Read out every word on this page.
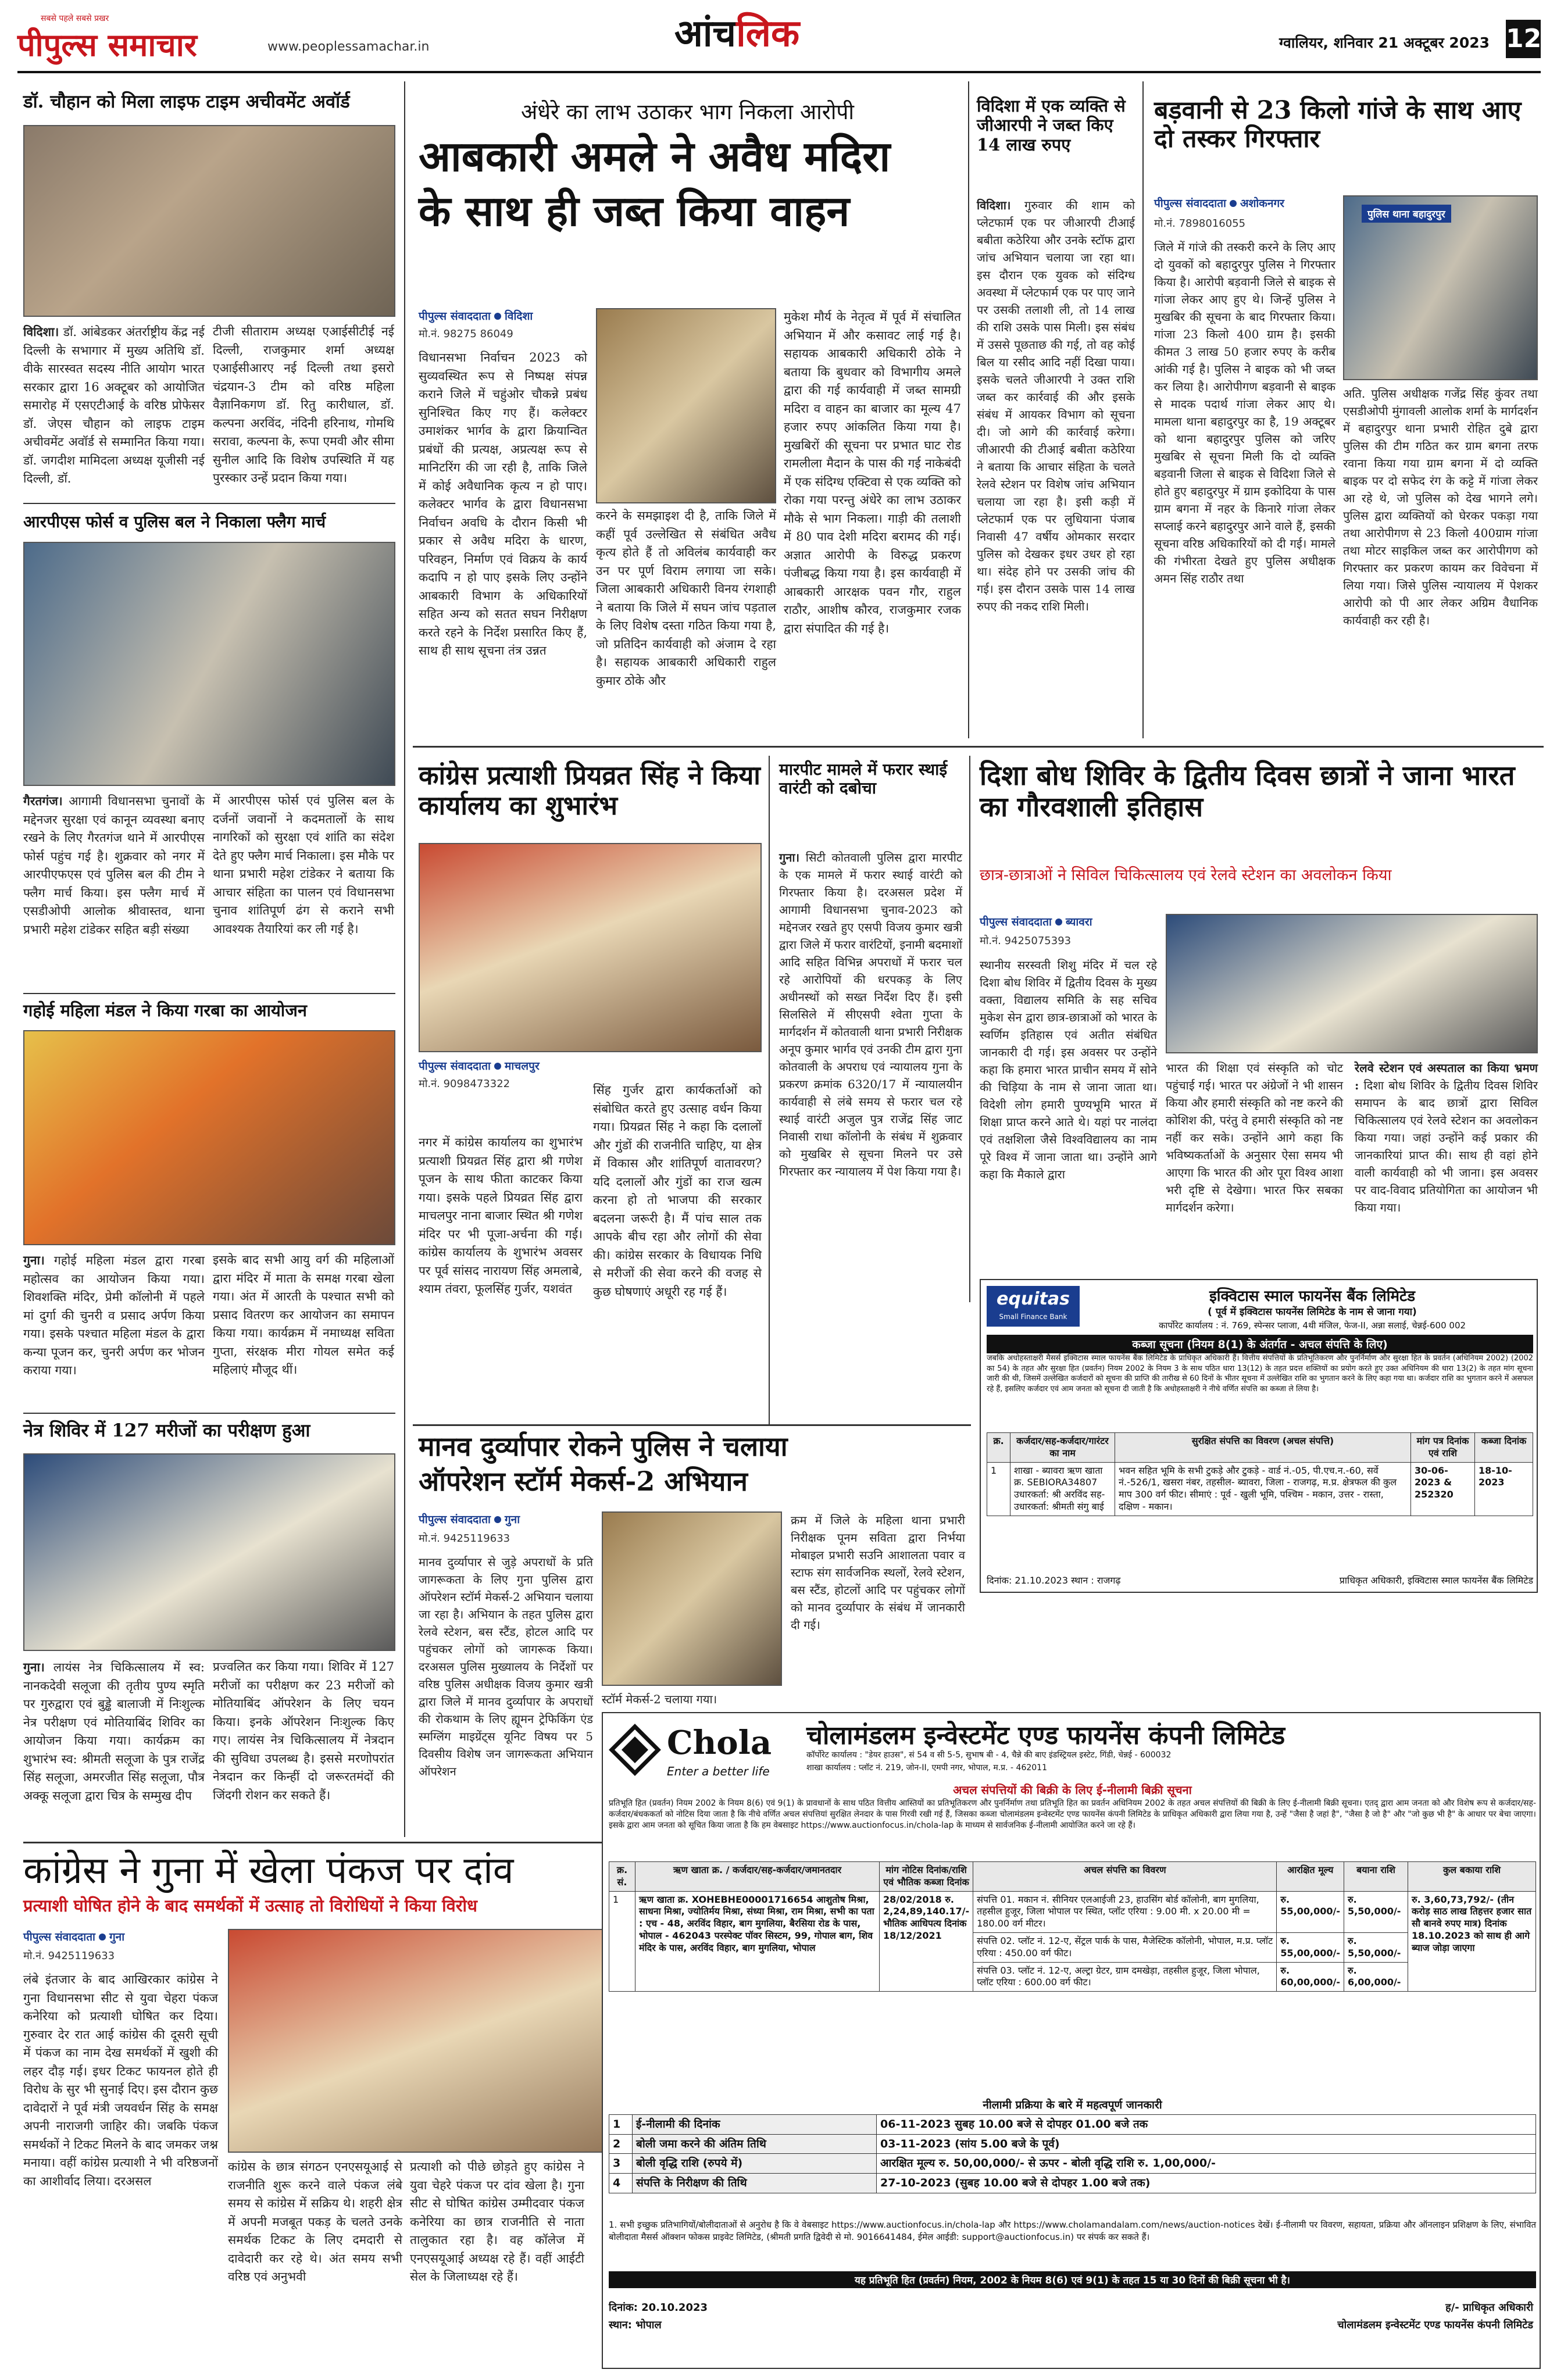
सबसे पहले सबसे प्रखर
पीपुल्स समाचार	www.peoplessamachar.in	आंचलिक	ग्वालियर, शनिवार 21 अक्टूबर 2023 12
डॉ. चौहान को मिला लाइफ टाइम अचीवमेंट अवॉर्ड
विदिशा। डॉ. आंबेडकर अंतर्राष्ट्रीय केंद्र नई दिल्ली के सभागार में मुख्य अतिथि डॉ. वीके सारस्वत सदस्य नीति आयोग भारत सरकार द्वारा 16 अक्टूबर को आयोजित समारोह में एसएटीआई के वरिष्ठ प्रोफेसर डॉ. जेएस चौहान को लाइफ टाइम अचीवमेंट अवॉर्ड से सम्मानित किया गया। डॉ. जगदीश मामिदला अध्यक्ष यूजीसी नई दिल्ली, डॉ.
टीजी सीताराम अध्यक्ष एआईसीटीई नई दिल्ली, राजकुमार शर्मा अध्यक्ष एआईसीआरए नई दिल्ली तथा इसरो चंद्रयान-3 टीम को वरिष्ठ महिला वैज्ञानिकगण डॉ. रितु कारीधाल, डॉ. कल्पना अरविंद, नंदिनी हरिनाथ, गोमथि सरावा, कल्पना के, रूपा एमवी और सीमा सुनील आदि कि विशेष उपस्थिति में यह पुरस्कार उन्हें प्रदान किया गया।
आरपीएस फोर्स व पुलिस बल ने निकाला फ्लैग मार्च
गैरतगंज। आगामी विधानसभा चुनावों के मद्देनजर सुरक्षा एवं कानून व्यवस्था बनाए रखने के लिए गैरतगंज थाने में आरपीएस फोर्स पहुंच गई है। शुक्रवार को नगर में आरपीएफएस एवं पुलिस बल की टीम ने फ्लैग मार्च किया। इस फ्लैग मार्च में एसडीओपी आलोक श्रीवास्तव, थाना प्रभारी महेश टांडेकर सहित बड़ी संख्या
में आरपीएस फोर्स एवं पुलिस बल के दर्जनों जवानों ने कदमतालों के साथ नागरिकों को सुरक्षा एवं शांति का संदेश देते हुए फ्लैग मार्च निकाला। इस मौके पर थाना प्रभारी महेश टांडेकर ने बताया कि आचार संहिता का पालन एवं विधानसभा चुनाव शांतिपूर्ण ढंग से कराने सभी आवश्यक तैयारियां कर ली गई है।
गहोई महिला मंडल ने किया गरबा का आयोजन
गुना। गहोई महिला मंडल द्वारा गरबा महोत्सव का आयोजन किया गया। शिवशक्ति मंदिर, प्रेमी कॉलोनी में पहले मां दुर्गा की चुनरी व प्रसाद अर्पण किया गया। इसके पश्चात महिला मंडल के द्वारा कन्या पूजन कर, चुनरी अर्पण कर भोजन कराया गया।
इसके बाद सभी आयु वर्ग की महिलाओं द्वारा मंदिर में माता के समक्ष गरबा खेला गया। अंत में आरती के पश्चात सभी को प्रसाद वितरण कर आयोजन का समापन किया गया। कार्यक्रम में नमाध्यक्ष सविता गुप्ता, संरक्षक मीरा गोयल समेत कई महिलाएं मौजूद थीं।
नेत्र शिविर में 127 मरीजों का परीक्षण हुआ
गुना। लायंस नेत्र चिकित्सालय में स्व: नानकदेवी सलूजा की तृतीय पुण्य स्मृति पर गुरुद्वारा एवं बुड्ढे बालाजी में निःशुल्क नेत्र परीक्षण एवं मोतियाबिंद शिविर का आयोजन किया गया। कार्यक्रम का शुभारंभ स्व: श्रीमती सलूजा के पुत्र राजेंद्र सिंह सलूजा, अमरजीत सिंह सलूजा, पौत्र अक्कू सलूजा द्वारा चित्र के सम्मुख दीप
प्रज्वलित कर किया गया। शिविर में 127 मरीजों का परीक्षण कर 23 मरीजों को मोतियाबिंद ऑपरेशन के लिए चयन किया। इनके ऑपरेशन निःशुल्क किए गए। लायंस नेत्र चिकित्सालय में नेत्रदान की सुविधा उपलब्ध है। इससे मरणोपरांत नेत्रदान कर किन्हीं दो जरूरतमंदों की जिंदगी रोशन कर सकते हैं।
कांग्रेस ने गुना में खेला पंकज पर दांव
प्रत्याशी घोषित होने के बाद समर्थकों में उत्साह तो विरोधियों ने किया विरोध
पीपुल्स संवाददाता गुना
मो.नं. 9425119633
लंबे इंतजार के बाद आखिरकार कांग्रेस ने गुना विधानसभा सीट से युवा चेहरा पंकज कनेरिया को प्रत्याशी घोषित कर दिया। गुरुवार देर रात आई कांग्रेस की दूसरी सूची में पंकज का नाम देख समर्थकों में खुशी की लहर दौड़ गई। इधर टिकट फायनल होते ही विरोध के सुर भी सुनाई दिए। इस दौरान कुछ दावेदारों ने पूर्व मंत्री जयवर्धन सिंह के समक्ष अपनी नाराजगी जाहिर की। जबकि पंकज समर्थकों ने टिकट मिलने के बाद जमकर जश्न मनाया। वहीं कांग्रेस प्रत्याशी ने भी वरिष्ठजनों का आशीर्वाद लिया। दरअसल
कांग्रेस के छात्र संगठन एनएसयूआई से राजनीति शुरू करने वाले पंकज लंबे समय से कांग्रेस में सक्रिय थे। शहरी क्षेत्र में अपनी मजबूत पकड़ के चलते उनके समर्थक टिकट के लिए दमदारी से दावेदारी कर रहे थे। अंत समय सभी वरिष्ठ एवं अनुभवी
प्रत्याशी को पीछे छोड़ते हुए कांग्रेस ने युवा चेहरे पंकज पर दांव खेला है। गुना सीट से घोषित कांग्रेस उम्मीदवार पंकज कनेरिया का छात्र राजनीति से नाता तालुकात रहा है। वह कॉलेज में एनएसयूआई अध्यक्ष रहे हैं। वहीं आईटी सेल के जिलाध्यक्ष रहे हैं।
अंधेरे का लाभ उठाकर भाग निकला आरोपी
आबकारी अमले ने अवैध मदिरा
के साथ ही जब्त किया वाहन
पीपुल्स संवाददाता विदिशा
मो.नं. 98275 86049
विधानसभा निर्वाचन 2023 को सुव्यवस्थित रूप से निष्पक्ष संपन्न कराने जिले में चहुंओर चौकन्ने प्रबंध सुनिश्चित किए गए हैं। कलेक्टर उमाशंकर भार्गव के द्वारा क्रियान्वित प्रबंधों की प्रत्यक्ष, अप्रत्यक्ष रूप से मानिटरिंग की जा रही है, ताकि जिले में कोई अवैधानिक कृत्य न हो पाए। कलेक्टर भार्गव के द्वारा विधानसभा निर्वाचन अवधि के दौरान किसी भी प्रकार से अवैध मदिरा के धारण, परिवहन, निर्माण एवं विक्रय के कार्य कदापि न हो पाए इसके लिए उन्होंने आबकारी विभाग के अधिकारियों सहित अन्य को सतत सघन निरीक्षण करते रहने के निर्देश प्रसारित किए हैं, साथ ही साथ सूचना तंत्र उन्नत
करने के समझाइश दी है, ताकि जिले में कहीं पूर्व उल्लेखित से संबंधित अवैध कृत्य होते हैं तो अविलंब कार्यवाही कर उन पर पूर्ण विराम लगाया जा सके। जिला आबकारी अधिकारी विनय रंगशाही ने बताया कि जिले में सघन जांच पड़ताल के लिए विशेष दस्ता गठित किया गया है, जो प्रतिदिन कार्यवाही को अंजाम दे रहा है। सहायक आबकारी अधिकारी राहुल कुमार ठोके और
मुकेश मौर्य के नेतृत्व में पूर्व में संचालित अभियान में और कसावट लाई गई है। सहायक आबकारी अधिकारी ठोके ने बताया कि बुधवार को विभागीय अमले द्वारा की गई कार्यवाही में जब्त सामग्री मदिरा व वाहन का बाजार का मूल्य 47 हजार रुपए आंकलित किया गया है। मुखबिरों की सूचना पर प्रभात घाट रोड रामलीला मैदान के पास की गई नाकेबंदी में एक संदिग्ध एक्टिवा से एक व्यक्ति को रोका गया परन्तु अंधेरे का लाभ उठाकर मौके से भाग निकला। गाड़ी की तलाशी में 80 पाव देशी मदिरा बरामद की गई। अज्ञात आरोपी के विरुद्ध प्रकरण पंजीबद्ध किया गया है। इस कार्यवाही में आबकारी आरक्षक पवन गौर, राहुल राठौर, आशीष कौरव, राजकुमार रजक द्वारा संपादित की गई है।
विदिशा में एक व्यक्ति से जीआरपी ने जब्त किए 14 लाख रुपए
विदिशा। गुरुवार की शाम को प्लेटफार्म एक पर जीआरपी टीआई बबीता कठेरिया और उनके स्टॉफ द्वारा जांच अभियान चलाया जा रहा था। इस दौरान एक युवक को संदिग्ध अवस्था में प्लेटफार्म एक पर पाए जाने पर उसकी तलाशी ली, तो 14 लाख की राशि उसके पास मिली। इस संबंध में उससे पूछताछ की गई, तो वह कोई बिल या रसीद आदि नहीं दिखा पाया। इसके चलते जीआरपी ने उक्त राशि जब्त कर कार्रवाई की और इसके संबंध में आयकर विभाग को सूचना दी। जो आगे की कार्रवाई करेगा। जीआरपी की टीआई बबीता कठेरिया ने बताया कि आचार संहिता के चलते रेलवे स्टेशन पर विशेष जांच अभियान चलाया जा रहा है। इसी कड़ी में प्लेटफार्म एक पर लुधियाना पंजाब निवासी 47 वर्षीय ओमकार सरदार पुलिस को देखकर इधर उधर हो रहा था। संदेह होने पर उसकी जांच की गई। इस दौरान उसके पास 14 लाख रुपए की नकद राशि मिली।
बड़वानी से 23 किलो गांजे के साथ आए दो तस्कर गिरफ्तार
पीपुल्स संवाददाता अशोकनगर
मो.नं. 7898016055
पुलिस थाना बहादुरपुर
जिले में गांजे की तस्करी करने के लिए आए दो युवकों को बहादुरपुर पुलिस ने गिरफ्तार किया है। आरोपी बड़वानी जिले से बाइक से गांजा लेकर आए हुए थे। जिन्हें पुलिस ने मुखबिर की सूचना के बाद गिरफ्तार किया। गांजा 23 किलो 400 ग्राम है। इसकी कीमत 3 लाख 50 हजार रुपए के करीब आंकी गई है। पुलिस ने बाइक को भी जब्त कर लिया है। आरोपीगण बड़वानी से बाइक से मादक पदार्थ गांजा लेकर आए थे। मामला थाना बहादुरपुर का है, 19 अक्टूबर को थाना बहादुरपुर पुलिस को जरिए मुखबिर से सूचना मिली कि दो व्यक्ति बड़वानी जिला से बाइक से विदिशा जिले से होते हुए बहादुरपुर में ग्राम इकोदिया के पास ग्राम बगना में नहर के किनारे गांजा लेकर सप्लाई करने बहादुरपुर आने वाले हैं, इसकी सूचना वरिष्ठ अधिकारियों को दी गई। मामले की गंभीरता देखते हुए पुलिस अधीक्षक अमन सिंह राठौर तथा
अति. पुलिस अधीक्षक गजेंद्र सिंह कुंवर तथा एसडीओपी मुंगावली आलोक शर्मा के मार्गदर्शन में बहादुरपुर थाना प्रभारी रोहित दुबे द्वारा पुलिस की टीम गठित कर ग्राम बगना तरफ रवाना किया गया ग्राम बगना में दो व्यक्ति बाइक पर दो सफेद रंग के कट्टे में गांजा लेकर आ रहे थे, जो पुलिस को देख भागने लगे। पुलिस द्वारा व्यक्तियों को घेरकर पकड़ा गया तथा आरोपीगण से 23 किलो 400ग्राम गांजा तथा मोटर साइकिल जब्त कर आरोपीगण को गिरफ्तार कर प्रकरण कायम कर विवेचना में लिया गया। जिसे पुलिस न्यायालय में पेशकर आरोपी को पी आर लेकर अग्रिम वैधानिक कार्यवाही कर रही है।
कांग्रेस प्रत्याशी प्रियव्रत सिंह ने किया कार्यालय का शुभारंभ
पीपुल्स संवाददाता माचलपुर
मो.नं. 9098473322
नगर में कांग्रेस कार्यालय का शुभारंभ प्रत्याशी प्रियव्रत सिंह द्वारा श्री गणेश पूजन के साथ फीता काटकर किया गया। इसके पहले प्रियव्रत सिंह द्वारा माचलपुर नाना बाजार स्थित श्री गणेश मंदिर पर भी पूजा-अर्चना की गई। कांग्रेस कार्यालय के शुभारंभ अवसर पर पूर्व सांसद नारायण सिंह अमलाबे, श्याम तंवरा, फूलसिंह गुर्जर, यशवंत
सिंह गुर्जर द्वारा कार्यकर्ताओं को संबोधित करते हुए उत्साह वर्धन किया गया। प्रियव्रत सिंह ने कहा कि दलालों और गुंडों की राजनीति चाहिए, या क्षेत्र में विकास और शांतिपूर्ण वातावरण? यदि दलालों और गुंडों का राज खत्म करना हो तो भाजपा की सरकार बदलना जरूरी है। मैं पांच साल तक आपके बीच रहा और लोगों की सेवा की। कांग्रेस सरकार के विधायक निधि से मरीजों की सेवा करने की वजह से कुछ घोषणाएं अधूरी रह गई हैं।
मारपीट मामले में फरार स्थाई वारंटी को दबोचा
गुना। सिटी कोतवाली पुलिस द्वारा मारपीट के एक मामले में फरार स्थाई वारंटी को गिरफ्तार किया है। दरअसल प्रदेश में आगामी विधानसभा चुनाव-2023 को मद्देनजर रखते हुए एसपी विजय कुमार खत्री द्वारा जिले में फरार वारंटियों, इनामी बदमाशों आदि सहित विभिन्न अपराधों में फरार चल रहे आरोपियों की धरपकड़ के लिए अधीनस्थों को सख्त निर्देश दिए हैं। इसी सिलसिले में सीएसपी श्वेता गुप्ता के मार्गदर्शन में कोतवाली थाना प्रभारी निरीक्षक अनूप कुमार भार्गव एवं उनकी टीम द्वारा गुना कोतवाली के अपराध एवं न्यायालय गुना के प्रकरण क्रमांक 6320/17 में न्यायालयीन कार्यवाही से लंबे समय से फरार चल रहे स्थाई वारंटी अजुल पुत्र राजेंद्र सिंह जाट निवासी राधा कॉलोनी के संबंध में शुक्रवार को मुखबिर से सूचना मिलने पर उसे गिरफ्तार कर न्यायालय में पेश किया गया है।
दिशा बोध शिविर के द्वितीय दिवस छात्रों ने जाना भारत का गौरवशाली इतिहास
छात्र-छात्राओं ने सिविल चिकित्सालय एवं रेलवे स्टेशन का अवलोकन किया
पीपुल्स संवाददाता ब्यावरा
मो.नं. 9425075393
स्थानीय सरस्वती शिशु मंदिर में चल रहे दिशा बोध शिविर में द्वितीय दिवस के मुख्य वक्ता, विद्यालय समिति के सह सचिव मुकेश सेन द्वारा छात्र-छात्राओं को भारत के स्वर्णिम इतिहास एवं अतीत संबंधित जानकारी दी गई। इस अवसर पर उन्होंने कहा कि हमारा भारत प्राचीन समय में सोने की चिड़िया के नाम से जाना जाता था। विदेशी लोग हमारी पुण्यभूमि भारत में शिक्षा प्राप्त करने आते थे। यहां पर नालंदा एवं तक्षशिला जैसे विश्वविद्यालय का नाम पूरे विश्व में जाना जाता था। उन्होंने आगे कहा कि मैकाले द्वारा
भारत की शिक्षा एवं संस्कृति को चोट पहुंचाई गई। भारत पर अंग्रेजों ने भी शासन किया और हमारी संस्कृति को नष्ट करने की कोशिश की, परंतु वे हमारी संस्कृति को नष्ट नहीं कर सके। उन्होंने आगे कहा कि भविष्यकर्ताओं के अनुसार ऐसा समय भी आएगा कि भारत की ओर पूरा विश्व आशा भरी दृष्टि से देखेगा। भारत फिर सबका मार्गदर्शन करेगा।
रेलवे स्टेशन एवं अस्पताल का किया भ्रमण : दिशा बोध शिविर के द्वितीय दिवस शिविर समापन के बाद छात्रों द्वारा सिविल चिकित्सालय एवं रेलवे स्टेशन का अवलोकन किया गया। जहां उन्होंने कई प्रकार की जानकारियां प्राप्त की। साथ ही वहां होने वाली कार्यवाही को भी जाना। इस अवसर पर वाद-विवाद प्रतियोगिता का आयोजन भी किया गया।
equitas
Small Finance Bank
इक्विटास स्माल फायनेंस बैंक लिमिटेड
( पूर्व में इक्विटास फायनेंस लिमिटेड के नाम से जाना गया)
कार्पोरेट कार्यालय : नं. 769, स्पेन्सर प्लाजा, 4थी मंजिल, फेज-II, अन्ना सलाई, चेन्नई-600 002
कब्जा सूचना (नियम 8(1) के अंतर्गत - अचल संपत्ति के लिए)
जबकि अधोहस्ताक्षरी मैसर्स इक्विटास स्माल फायनेंस बैंक लिमिटेड के प्राधिकृत अधिकारी हैं। वित्तीय संपत्तियों के प्रतिभूतिकरण और पुनर्निर्माण और सुरक्षा हित के प्रवर्तन (अधिनियम 2002) (2002 का 54) के तहत और सुरक्षा हित (प्रवर्तन) नियम 2002 के नियम 3 के साथ पठित धारा 13(12) के तहत प्रदत्त शक्तियों का प्रयोग करते हुए उक्त अधिनियम की धारा 13(2) के तहत मांग सूचना जारी की थी, जिसमें उल्लेखित कर्जदारों को सूचना की प्राप्ति की तारीख से 60 दिनों के भीतर सूचना में उल्लेखित राशि का भुगतान करने के लिए कहा गया था। कर्जदार राशि का भुगतान करने में असफल रहे हैं, इसलिए कर्जदार एवं आम जनता को सूचना दी जाती है कि अधोहस्ताक्षरी ने नीचे वर्णित संपत्ति का कब्जा ले लिया है।
क्र.	कर्जदार/सह-कर्जदार/गारंटर का नाम	सुरक्षित संपत्ति का विवरण (अचल संपत्ति)	मांग पत्र दिनांक एवं राशि	कब्जा दिनांक
1	शाखा - ब्यावरा ऋण खाता क्र. SEBIORA34807 उधारकर्ता: श्री अरविंद सह-उधारकर्ता: श्रीमती संगु बाई	भवन सहित भूमि के सभी टुकड़े और टुकड़े - वार्ड नं.-05, पी.एच.न.-60, सर्वे नं.-526/1, खसरा नंबर, तहसील- ब्यावरा, जिला - राजगढ़, म.प्र. क्षेत्रफल की कुल माप 300 वर्ग फीट। सीमाएं : पूर्व - खुली भूमि, पश्चिम - मकान, उत्तर - रास्ता, दक्षिण - मकान।	30-06-2023 & 252320	18-10-2023
दिनांक: 21.10.2023 स्थान : राजगढ़	प्राधिकृत अधिकारी, इक्विटास स्माल फायनेंस बैंक लिमिटेड
मानव दुर्व्यापार रोकने पुलिस ने चलाया
ऑपरेशन स्टॉर्म मेकर्स-2 अभियान
पीपुल्स संवाददाता गुना
मो.नं. 9425119633
मानव दुर्व्यापार से जुड़े अपराधों के प्रति जागरूकता के लिए गुना पुलिस द्वारा ऑपरेशन स्टॉर्म मेकर्स-2 अभियान चलाया जा रहा है। अभियान के तहत पुलिस द्वारा रेलवे स्टेशन, बस स्टैंड, होटल आदि पर पहुंचकर लोगों को जागरूक किया। दरअसल पुलिस मुख्यालय के निर्देशों पर वरिष्ठ पुलिस अधीक्षक विजय कुमार खत्री द्वारा जिले में मानव दुर्व्यापार के अपराधों की रोकथाम के लिए ह्यूमन ट्रेफिकिंग एंड स्मग्लिंग माइग्रेंट्स यूनिट विषय पर 5 दिवसीय विशेष जन जागरूकता अभियान ऑपरेशन
स्टॉर्म मेकर्स-2 चलाया गया।
क्रम में जिले के महिला थाना प्रभारी निरीक्षक पूनम सविता द्वारा निर्भया मोबाइल प्रभारी सउनि आशालता पवार व स्टाफ संग सार्वजनिक स्थलों, रेलवे स्टेशन, बस स्टैंड, होटलों आदि पर पहुंचकर लोगों को मानव दुर्व्यापार के संबंध में जानकारी दी गई।
Chola
Enter a better life
चोलामंडलम इन्वेस्टमेंट एण्ड फायनेंस कंपनी लिमिटेड
कॉर्पोरेट कार्यालय : "डेयर हाउस", सं 54 व सी 5-5, सुभाष बी - 4, चैन्ने की बाए इंडस्ट्रियल इस्टेट, गिंडी, चेन्नई - 600032
शाखा कार्यालय : प्लॉट नं. 219, जोन-II, एमपी नगर, भोपाल, म.प्र. - 462011
अचल संपत्तियों की बिक्री के लिए ई-नीलामी बिक्री सूचना
प्रतिभूति हित (प्रवर्तन) नियम 2002 के नियम 8(6) एवं 9(1) के प्रावधानों के साथ पठित वित्तीय आस्तियों का प्रतिभूतिकरण और पुनर्निर्माण तथा प्रतिभूति हित का प्रवर्तन अधिनियम 2002 के तहत अचल संपत्तियों की बिक्री के लिए ई-नीलामी बिक्री सूचना। एतद् द्वारा आम जनता को और विशेष रूप से कर्जदार/सह-कर्जदार/बंधककर्ता को नोटिस दिया जाता है कि नीचे वर्णित अचल संपत्तियां सुरक्षित लेनदार के पास गिरवी रखी गई हैं, जिसका कब्जा चोलामंडलम इन्वेस्टमेंट एण्ड फायनेंस कंपनी लिमिटेड के प्राधिकृत अधिकारी द्वारा लिया गया है, उन्हें "जैसा है जहां है", "जैसा है जो है" और "जो कुछ भी है" के आधार पर बेचा जाएगा। इसके द्वारा आम जनता को सूचित किया जाता है कि हम वेबसाइट https://www.auctionfocus.in/chola-lap के माध्यम से सार्वजनिक ई-नीलामी आयोजित करने जा रहे हैं।
क्र. सं.	ऋण खाता क्र. / कर्जदार/सह-कर्जदार/जमानतदार	मांग नोटिस दिनांक/राशि एवं भौतिक कब्जा दिनांक	अचल संपत्ति का विवरण	आरक्षित मूल्य	बयाना राशि	कुल बकाया राशि
1	ऋण खाता क्र. XOHEBHE00001716654 आशुतोष मिश्रा, साधना मिश्रा, ज्योतिर्मय मिश्रा, संध्या मिश्रा, राम मिश्रा, सभी का पता : एच - 48, अरविंद विहार, बाग मुगलिया, बैरसिया रोड के पास, भोपाल - 462043 परस्पेक्ट पॉवर सिस्टम, 99, गोपाल बाग, शिव मंदिर के पास, अरविंद विहार, बाग मुगलिया, भोपाल	28/02/2018 रु. 2,24,89,140.17/- भौतिक आधिपत्य दिनांक 18/12/2021	संपत्ति 01. मकान नं. सीनियर एलआईजी 23, हाउसिंग बोर्ड कॉलोनी, बाग मुगलिया, तहसील हुजूर, जिला भोपाल पर स्थित, प्लॉट एरिया : 9.00 मी. x 20.00 मी = 180.00 वर्ग मीटर।	रु. 55,00,000/-	रु. 5,50,000/-	रु. 3,60,73,792/- (तीन करोड़ साठ लाख तिहत्तर हजार सात सौ बानवे रुपए मात्र) दिनांक 18.10.2023 को साथ ही आगे ब्याज जोड़ा जाएगा
			संपत्ति 02. प्लॉट नं. 12-ए, सेंट्रल पार्क के पास, मैजेस्टिक कॉलोनी, भोपाल, म.प्र. प्लॉट एरिया : 450.00 वर्ग फीट।	रु. 55,00,000/-	रु. 5,50,000/-	
			संपत्ति 03. प्लॉट नं. 12-ए, अल्ट्रा ग्रेटर, ग्राम दमखेड़ा, तहसील हुजूर, जिला भोपाल, प्लॉट एरिया : 600.00 वर्ग फीट।	रु. 60,00,000/-	रु. 6,00,000/-	
नीलामी प्रक्रिया के बारे में महत्वपूर्ण जानकारी
1	ई-नीलामी की दिनांक	06-11-2023 सुबह 10.00 बजे से दोपहर 01.00 बजे तक
2	बोली जमा करने की अंतिम तिथि	03-11-2023 (सांय 5.00 बजे के पूर्व)
3	बोली वृद्धि राशि (रुपये में)	आरक्षित मूल्य रु. 50,00,000/- से ऊपर - बोली वृद्धि राशि रु. 1,00,000/-
4	संपत्ति के निरीक्षण की तिथि	27-10-2023 (सुबह 10.00 बजे से दोपहर 1.00 बजे तक)
1. सभी इच्छुक प्रतिभागियों/बोलीदाताओं से अनुरोध है कि वे वेबसाइट https://www.auctionfocus.in/chola-lap और https://www.cholamandalam.com/news/auction-notices देखें। ई-नीलामी पर विवरण, सहायता, प्रक्रिया और ऑनलाइन प्रशिक्षण के लिए, संभावित बोलीदाता मैसर्स ऑक्शन फोकस प्राइवेट लिमिटेड, (श्रीमती प्रगति द्विवेदी से मो. 9016641484, ईमेल आईडी: support@auctionfocus.in) पर संपर्क कर सकते हैं।
यह प्रतिभूति हित (प्रवर्तन) नियम, 2002 के नियम 8(6) एवं 9(1) के तहत 15 या 30 दिनों की बिक्री सूचना भी है।
दिनांक: 20.10.2023
स्थान: भोपाल
ह/- प्राधिकृत अधिकारी
चोलामंडलम इन्वेस्टमेंट एण्ड फायनेंस कंपनी लिमिटेड
